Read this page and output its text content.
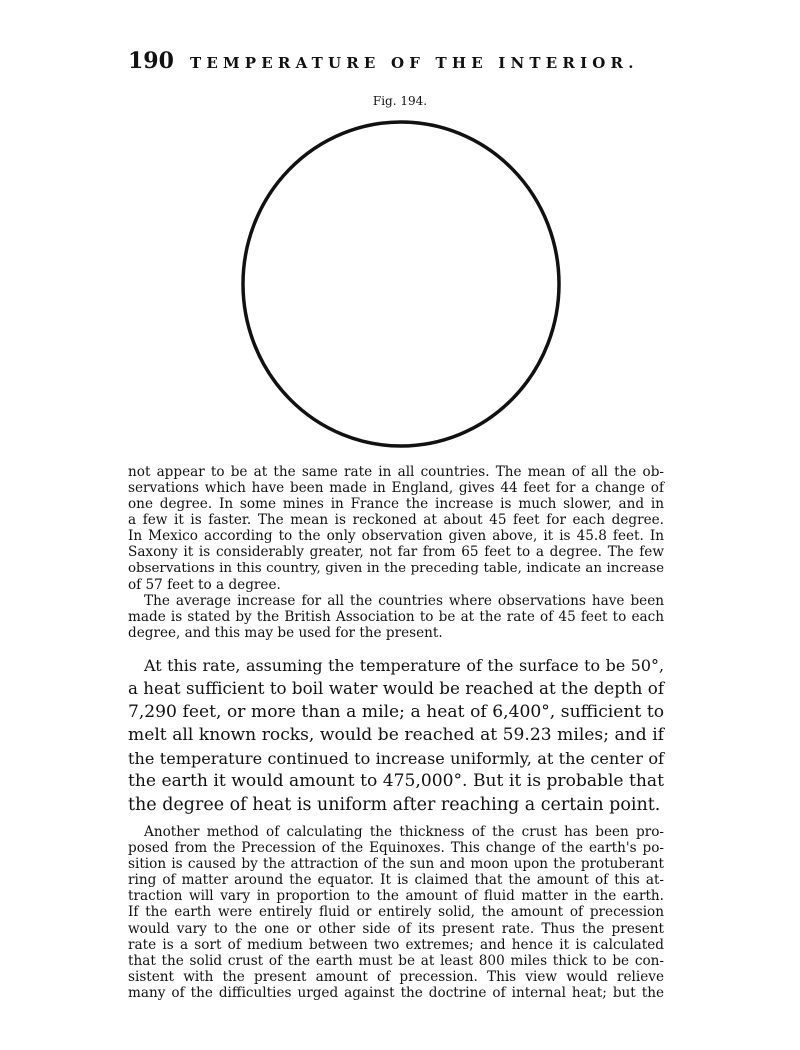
190	TEMPERATURE OF THE INTERIOR.
Fig. 194.

not appear to be at the same rate in all countries. The mean of all the ob-
servations which have been made in England, gives 44 feet for a change of
one degree. In some mines in France the increase is much slower, and in
a few it is faster. The mean is reckoned at about 45 feet for each degree.
In Mexico according to the only observation given above, it is 45.8 feet. In
Saxony it is considerably greater, not far from 65 feet to a degree. The few
observations in this country, given in the preceding table, indicate an increase
of 57 feet to a degree.

The average increase for all the countries where observations have been
made is stated by the British Association to be at the rate of 45 feet to each
degree, and this may be used for the present.

At this rate, assuming the temperature of the surface to be 50°,
a heat sufficient to boil water would be reached at the depth of
7,290 feet, or more than a mile; a heat of 6,400°, sufficient to
melt all known rocks, would be reached at 59.23 miles; and if
the temperature continued to increase uniformly, at the center of
the earth it would amount to 475,000°. But it is probable that
the degree of heat is uniform after reaching a certain point.

Another method of calculating the thickness of the crust has been pro-
posed from the Precession of the Equinoxes. This change of the earth's po-
sition is caused by the attraction of the sun and moon upon the protuberant
ring of matter around the equator. It is claimed that the amount of this at-
traction will vary in proportion to the amount of fluid matter in the earth.
If the earth were entirely fluid or entirely solid, the amount of precession
would vary to the one or other side of its present rate. Thus the present
rate is a sort of medium between two extremes; and hence it is calculated
that the solid crust of the earth must be at least 800 miles thick to be con-
sistent with the present amount of precession. This view would relieve
many of the difficulties urged against the doctrine of internal heat; but the
